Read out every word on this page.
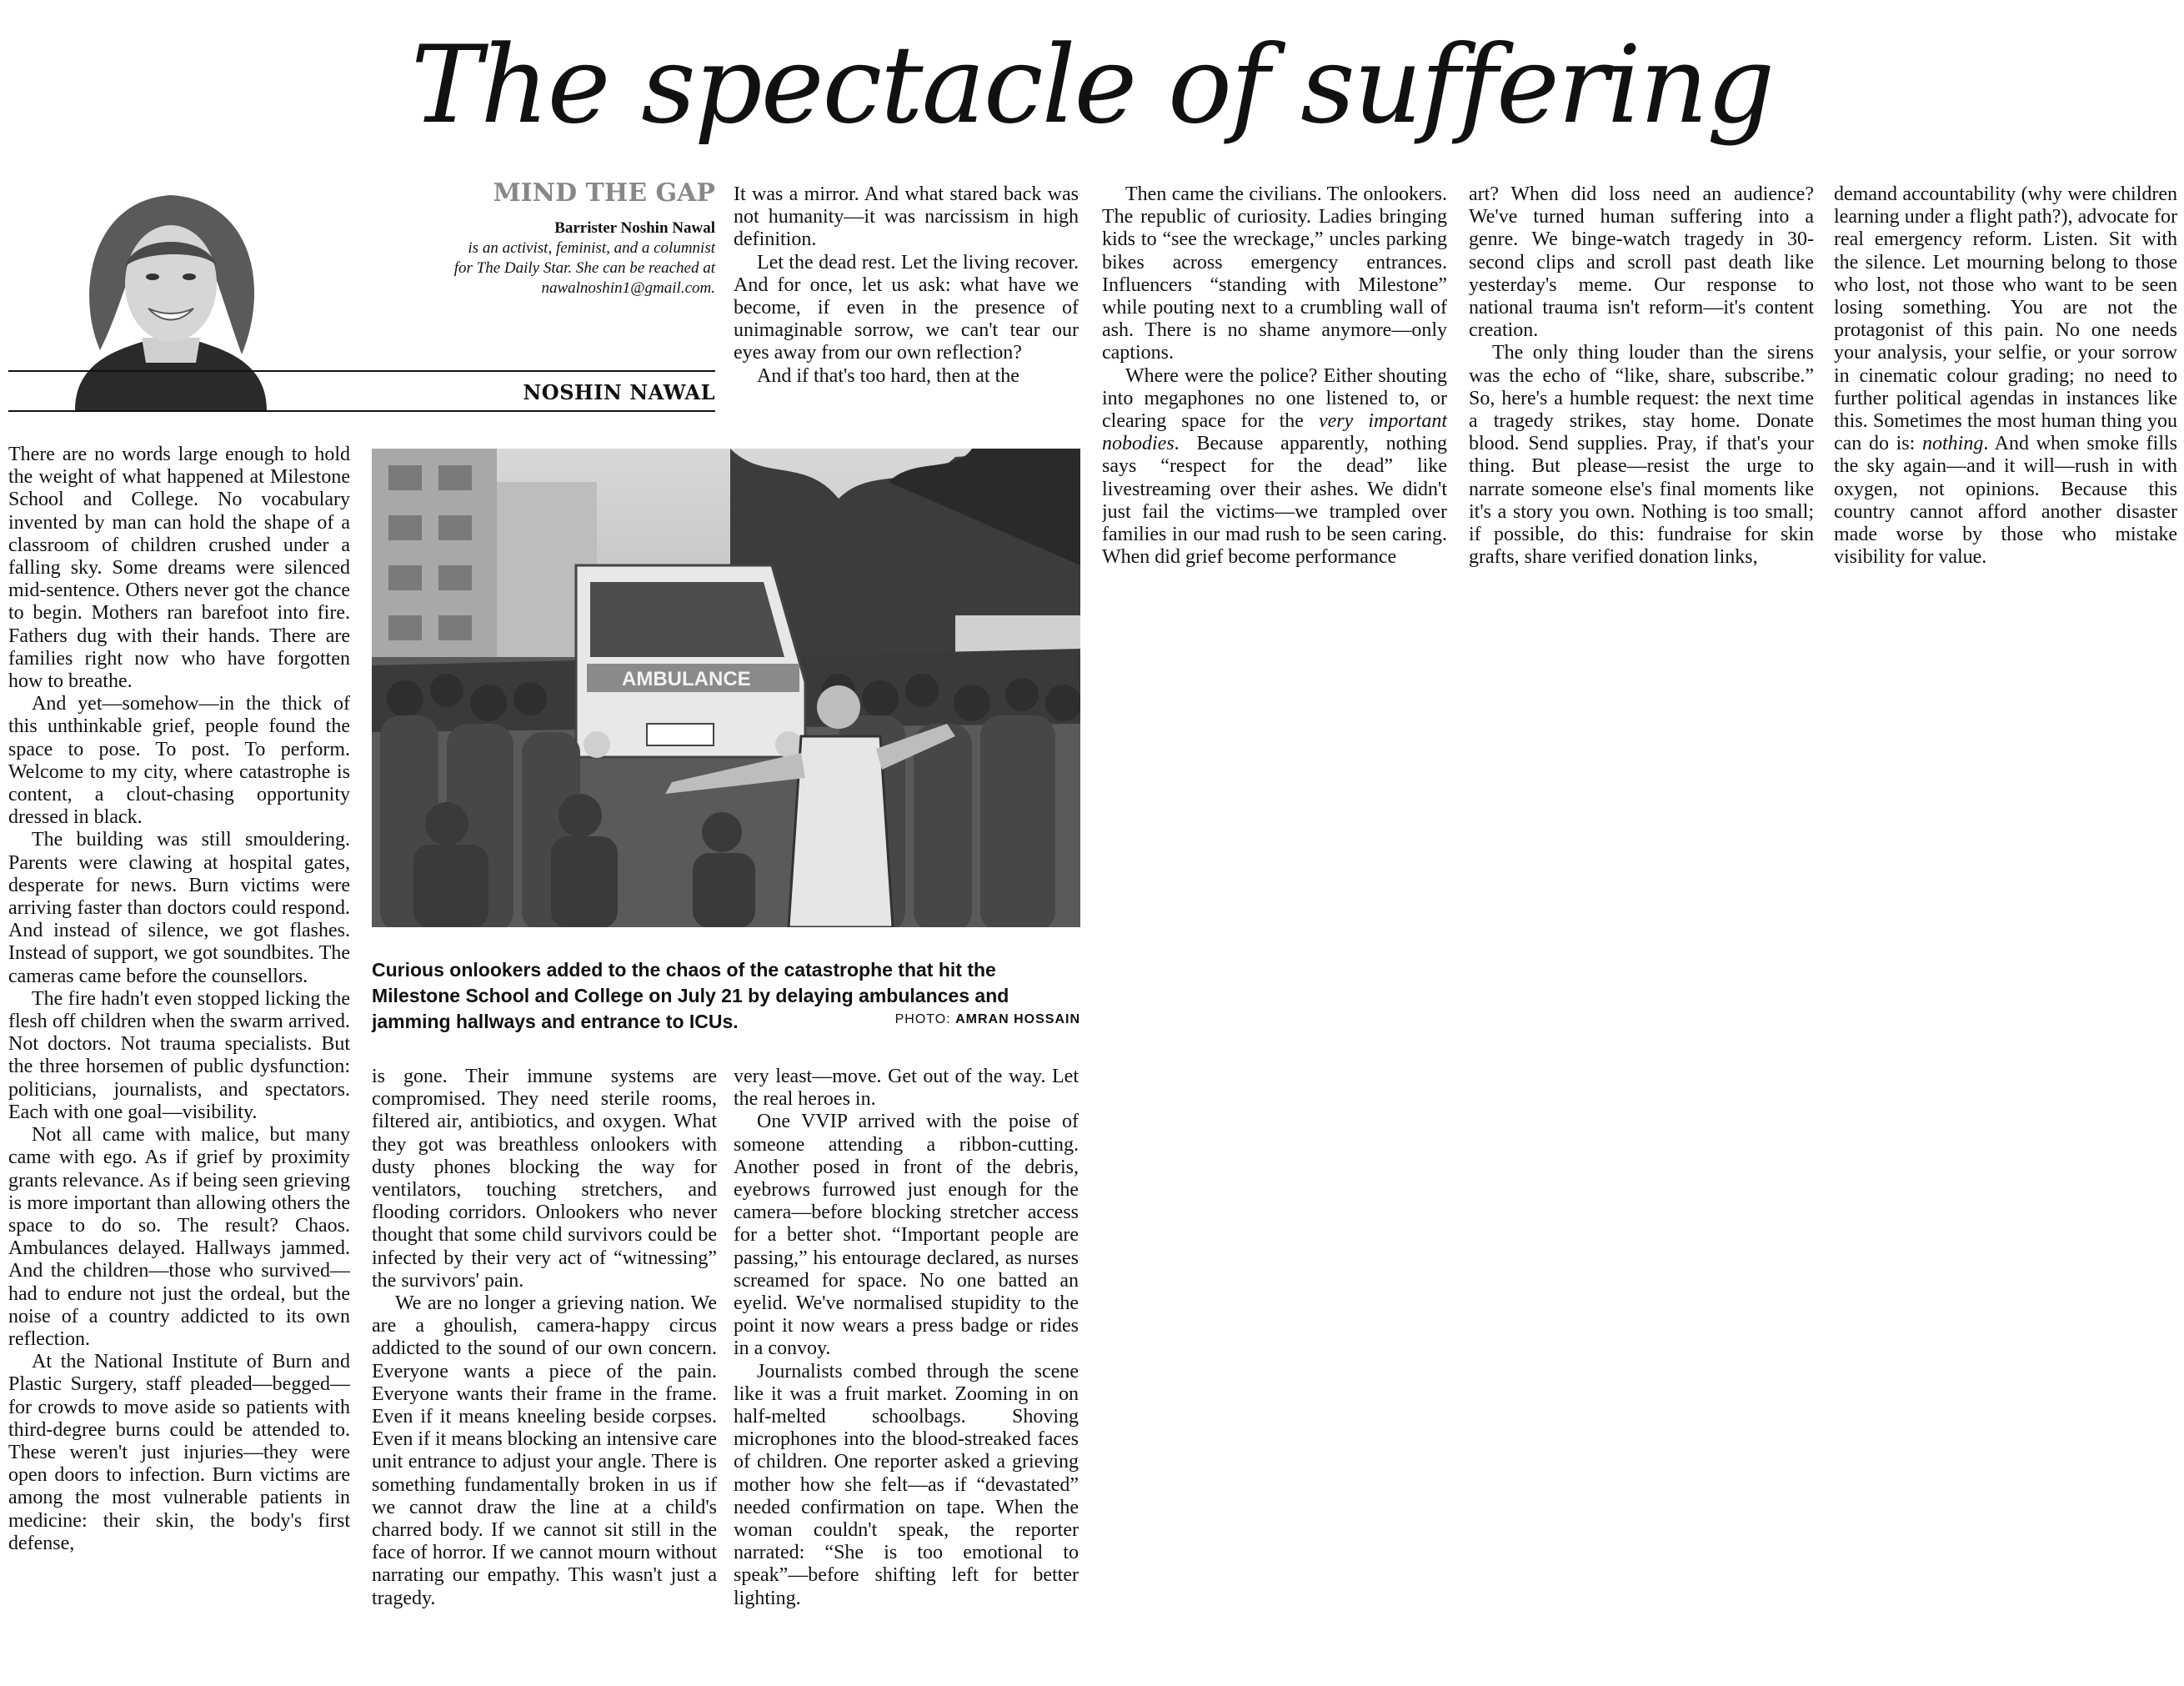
The spectacle of suffering
MIND THE GAP
Barrister Noshin Nawal
is an activist, feminist, and a columnist
for The Daily Star. She can be reached at
nawalnoshin1@gmail.com.
NOSHIN NAWAL

There are no words large enough to hold the weight of what happened at Milestone School and College. No vocabulary invented by man can hold the shape of a classroom of children crushed under a falling sky. Some dreams were silenced mid-sentence. Others never got the chance to begin. Mothers ran barefoot into fire. Fathers dug with their hands. There are families right now who have forgotten how to breathe.

And yet—somehow—in the thick of this unthinkable grief, people found the space to pose. To post. To perform. Welcome to my city, where catastrophe is content, a clout-chasing opportunity dressed in black.

The building was still smouldering. Parents were clawing at hospital gates, desperate for news. Burn victims were arriving faster than doctors could respond. And instead of silence, we got flashes. Instead of support, we got soundbites. The cameras came before the counsellors.

The fire hadn't even stopped licking the flesh off children when the swarm arrived. Not doctors. Not trauma specialists. But the three horsemen of public dysfunction: politicians, journalists, and spectators. Each with one goal—visibility.

Not all came with malice, but many came with ego. As if grief by proximity grants relevance. As if being seen grieving is more important than allowing others the space to do so. The result? Chaos. Ambulances delayed. Hallways jammed. And the children—those who survived—had to endure not just the ordeal, but the noise of a country addicted to its own reflection.

At the National Institute of Burn and Plastic Surgery, staff pleaded—begged—for crowds to move aside so patients with third-degree burns could be attended to. These weren't just injuries—they were open doors to infection. Burn victims are among the most vulnerable patients in medicine: their skin, the body's first defense,

It was a mirror. And what stared back was not humanity—it was narcissism in high definition.

Let the dead rest. Let the living recover. And for once, let us ask: what have we become, if even in the presence of unimaginable sorrow, we can't tear our eyes away from our own reflection?

And if that's too hard, then at the

AMBULANCE
Curious onlookers added to the chaos of the catastrophe that hit the Milestone School and College on July 21 by delaying ambulances and jamming hallways and entrance to ICUs.	PHOTO: AMRAN HOSSAIN

is gone. Their immune systems are compromised. They need sterile rooms, filtered air, antibiotics, and oxygen. What they got was breathless onlookers with dusty phones blocking the way for ventilators, touching stretchers, and flooding corridors. Onlookers who never thought that some child survivors could be infected by their very act of “witnessing” the survivors' pain.

We are no longer a grieving nation. We are a ghoulish, camera-happy circus addicted to the sound of our own concern. Everyone wants a piece of the pain. Everyone wants their frame in the frame. Even if it means kneeling beside corpses. Even if it means blocking an intensive care unit entrance to adjust your angle. There is something fundamentally broken in us if we cannot draw the line at a child's charred body. If we cannot sit still in the face of horror. If we cannot mourn without narrating our empathy. This wasn't just a tragedy.

very least—move. Get out of the way. Let the real heroes in.

One VVIP arrived with the poise of someone attending a ribbon-cutting. Another posed in front of the debris, eyebrows furrowed just enough for the camera—before blocking stretcher access for a better shot. “Important people are passing,” his entourage declared, as nurses screamed for space. No one batted an eyelid. We've normalised stupidity to the point it now wears a press badge or rides in a convoy.

Journalists combed through the scene like it was a fruit market. Zooming in on half-melted schoolbags. Shoving microphones into the blood-streaked faces of children. One reporter asked a grieving mother how she felt—as if “devastated” needed confirmation on tape. When the woman couldn't speak, the reporter narrated: “She is too emotional to speak”—before shifting left for better lighting.

Then came the civilians. The onlookers. The republic of curiosity. Ladies bringing kids to “see the wreckage,” uncles parking bikes across emergency entrances. Influencers “standing with Milestone” while pouting next to a crumbling wall of ash. There is no shame anymore—only captions.

Where were the police? Either shouting into megaphones no one listened to, or clearing space for the very important nobodies. Because apparently, nothing says “respect for the dead” like livestreaming over their ashes. We didn't just fail the victims—we trampled over families in our mad rush to be seen caring. When did grief become performance

art? When did loss need an audience? We've turned human suffering into a genre. We binge-watch tragedy in 30-second clips and scroll past death like yesterday's meme. Our response to national trauma isn't reform—it's content creation.

The only thing louder than the sirens was the echo of “like, share, subscribe.” So, here's a humble request: the next time a tragedy strikes, stay home. Donate blood. Send supplies. Pray, if that's your thing. But please—resist the urge to narrate someone else's final moments like it's a story you own. Nothing is too small; if possible, do this: fundraise for skin grafts, share verified donation links,

demand accountability (why were children learning under a flight path?), advocate for real emergency reform. Listen. Sit with the silence. Let mourning belong to those who lost, not those who want to be seen losing something. You are not the protagonist of this pain. No one needs your analysis, your selfie, or your sorrow in cinematic colour grading; no need to further political agendas in instances like this. Sometimes the most human thing you can do is: nothing. And when smoke fills the sky again—and it will—rush in with oxygen, not opinions. Because this country cannot afford another disaster made worse by those who mistake visibility for value.
